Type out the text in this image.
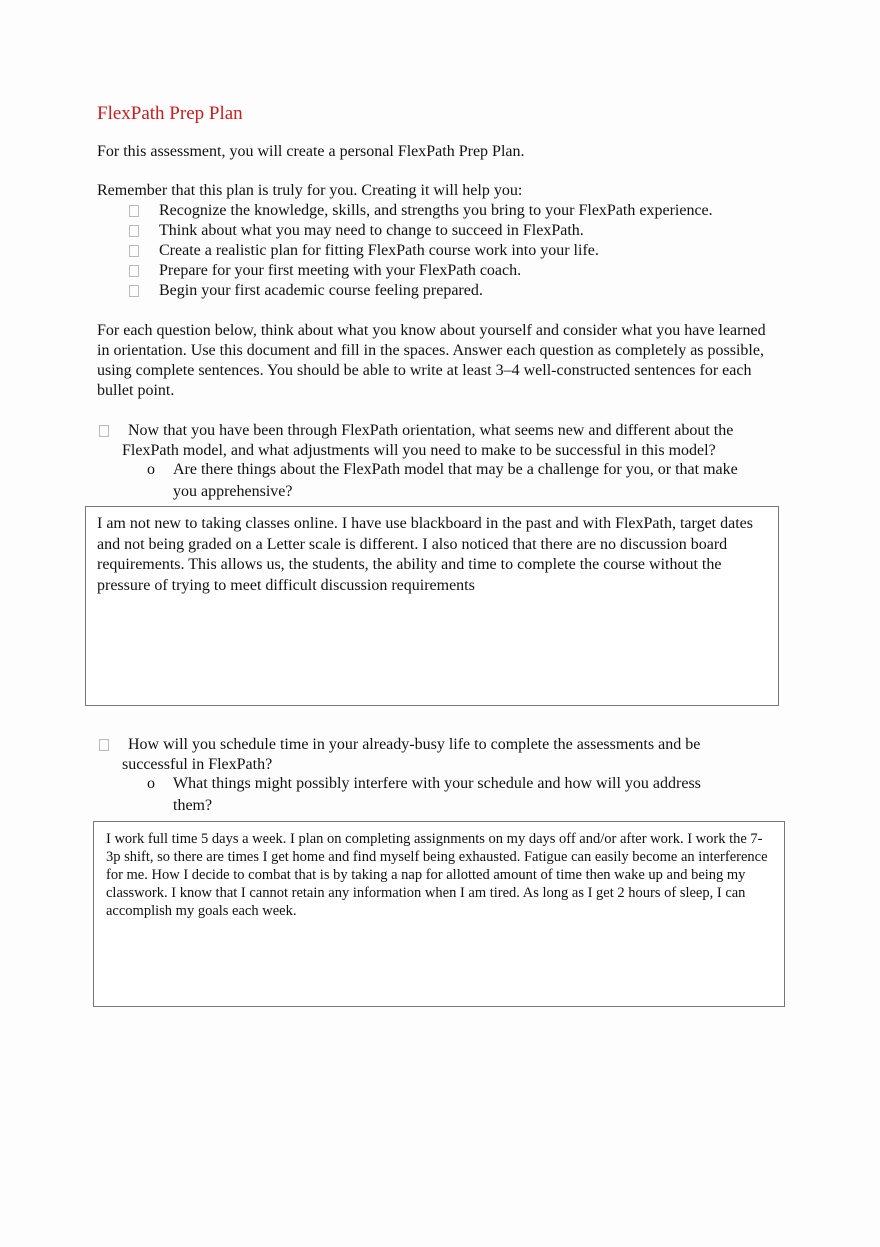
FlexPath Prep Plan

For this assessment, you will create a personal FlexPath Prep Plan.

Remember that this plan is truly for you. Creating it will help you:

Recognize the knowledge, skills, and strengths you bring to your FlexPath experience.
Think about what you may need to change to succeed in FlexPath.
Create a realistic plan for fitting FlexPath course work into your life.
Prepare for your first meeting with your FlexPath coach.
Begin your first academic course feeling prepared.

For each question below, think about what you know about yourself and consider what you have learned in orientation. Use this document and fill in the spaces. Answer each question as completely as possible, using complete sentences. You should be able to write at least 3–4 well-constructed sentences for each bullet point.

Now that you have been through FlexPath orientation, what seems new and different about the
FlexPath model, and what adjustments will you need to make to be successful in this model?

o	Are there things about the FlexPath model that may be a challenge for you, or that make
you apprehensive?

I am not new to taking classes online. I have use blackboard in the past and with FlexPath, target dates and not being graded on a Letter scale is different. I also noticed that there are no discussion board requirements. This allows us, the students, the ability and time to complete the course without the pressure of trying to meet difficult discussion requirements

How will you schedule time in your already-busy life to complete the assessments and be
successful in FlexPath?

o	What things might possibly interfere with your schedule and how will you address
them?

I work full time 5 days a week. I plan on completing assignments on my days off and/or after work. I work the 7-3p shift, so there are times I get home and find myself being exhausted. Fatigue can easily become an interference for me. How I decide to combat that is by taking a nap for allotted amount of time then wake up and being my classwork. I know that I cannot retain any information when I am tired. As long as I get 2 hours of sleep, I can accomplish my goals each week.
